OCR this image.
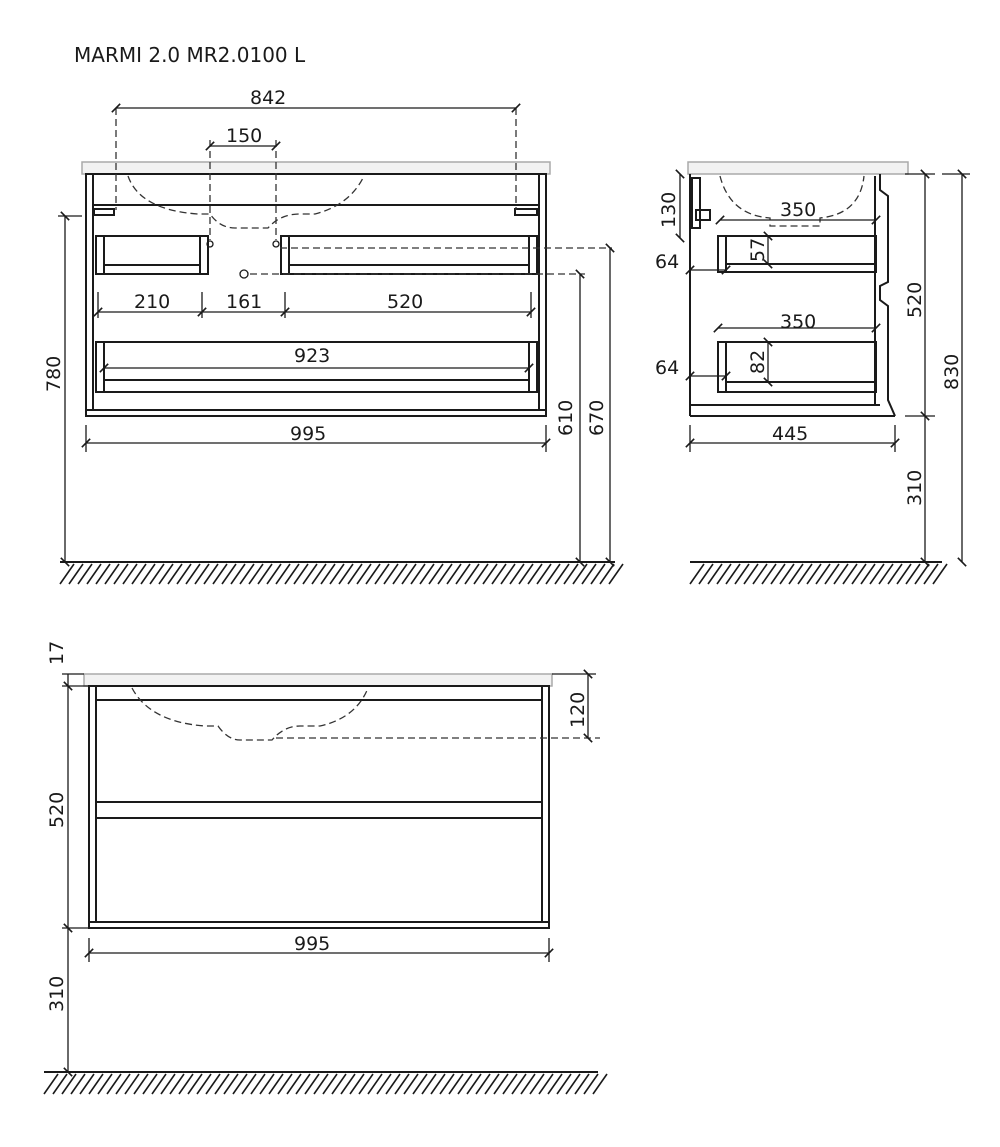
MARMI 2.0 MR2.0100 L
842
150
210	161	520
923
995
780
610 670
130	350
64	57
350
64	82
445
520
310
830
17
120
520
995
310
